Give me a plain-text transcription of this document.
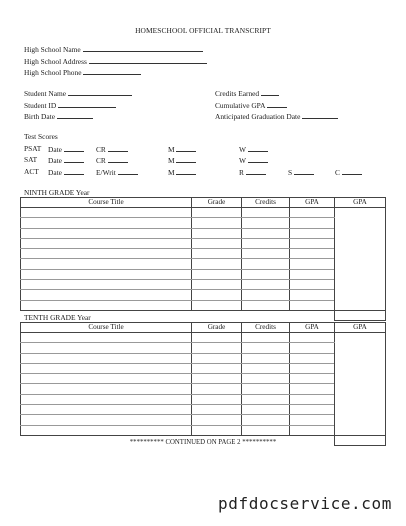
HOMESCHOOL OFFICIAL TRANSCRIPT
High School Name
High School Address
High School Phone
Student Name
Student ID
Birth Date
Credits Earned
Cumulative GPA
Anticipated Graduation Date
Test Scores
PSAT Date	CR	M	W
SAT Date	CR	M	W
ACT Date	E/Writ	M	R	S	C
NINTH GRADE Year
Course Title	Grade	Credits	GPA	GPA

TENTH GRADE Year
Course Title	Grade	Credits	GPA	GPA

********** CONTINUED ON PAGE 2 **********
pdfdocservice.com
